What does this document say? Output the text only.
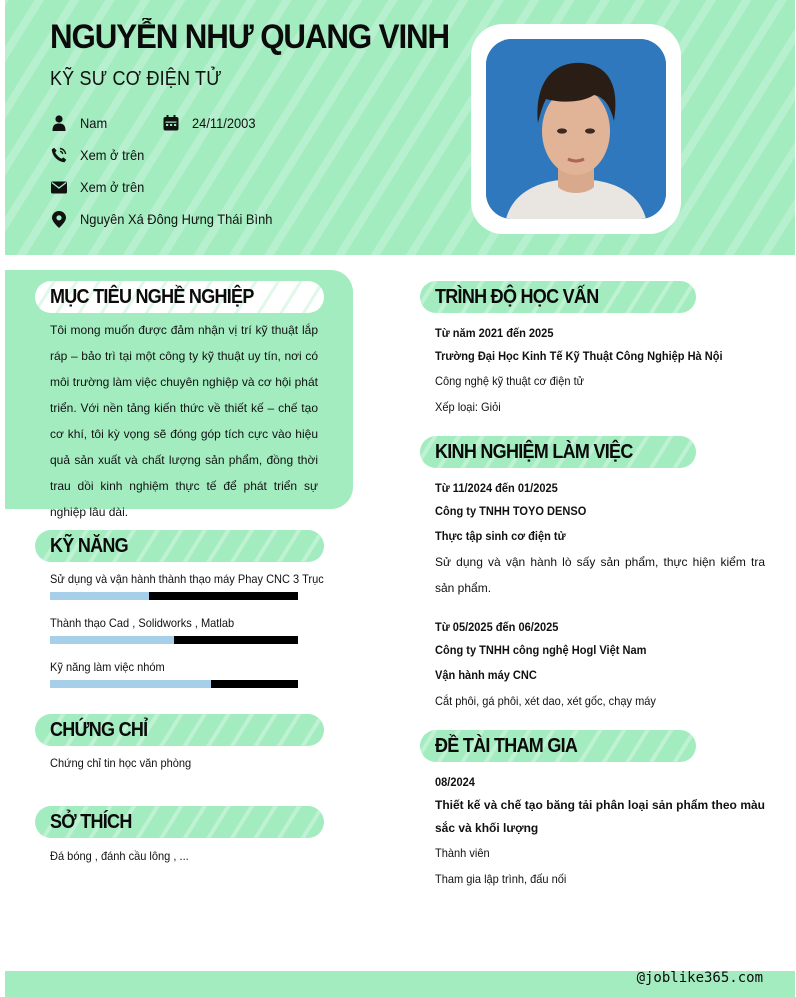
NGUYỄN NHƯ QUANG VINH
KỸ SƯ CƠ ĐIỆN TỬ
Nam	24/11/2003
Xem ở trên
Xem ở trên
Nguyên Xá Đông Hưng Thái Bình
MỤC TIÊU NGHỀ NGHIỆP
Tôi mong muốn được đảm nhận vị trí kỹ thuật lắp ráp – bảo trì tại một công ty kỹ thuật uy tín, nơi có môi trường làm việc chuyên nghiệp và cơ hội phát triển. Với nền tảng kiến thức về thiết kế – chế tạo cơ khí, tôi kỳ vọng sẽ đóng góp tích cực vào hiệu quả sản xuất và chất lượng sản phẩm, đồng thời trau dồi kinh nghiệm thực tế để phát triển sự nghiệp lâu dài.
KỸ NĂNG
Sử dụng và vận hành thành thạo máy Phay CNC 3 Trục
Thành thạo Cad , Solidworks , Matlab
Kỹ năng làm việc nhóm
CHỨNG CHỈ
Chứng chỉ tin học văn phòng
SỞ THÍCH
Đá bóng , đánh cầu lông , ...
TRÌNH ĐỘ HỌC VẤN
Từ năm 2021 đến 2025
Trường Đại Học Kinh Tế Kỹ Thuật Công Nghiệp Hà Nội
Công nghệ kỹ thuật cơ điện tử
Xếp loại: Giỏi
KINH NGHIỆM LÀM VIỆC
Từ 11/2024 đến 01/2025
Công ty TNHH TOYO DENSO
Thực tập sinh cơ điện tử
Sử dụng và vận hành lò sấy sản phẩm, thực hiện kiểm tra sản phẩm.
Từ 05/2025 đến 06/2025
Công ty TNHH công nghệ Hogl Việt Nam
Vận hành máy CNC
Cắt phôi, gá phôi, xét dao, xét gốc, chạy máy
ĐỀ TÀI THAM GIA
08/2024
Thiết kế và chế tạo băng tải phân loại sản phẩm theo màu sắc và khối lượng
Thành viên
Tham gia lập trình, đấu nối
@joblike365.com
